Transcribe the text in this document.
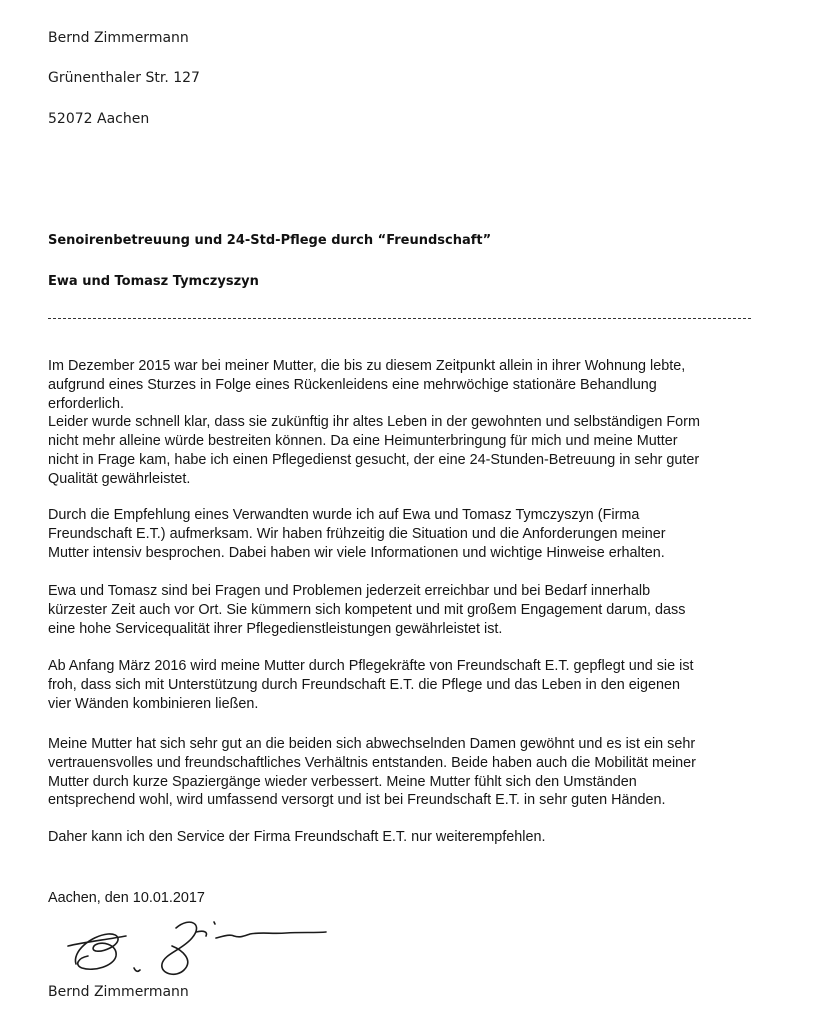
Bernd Zimmermann
Grünenthaler Str. 127
52072 Aachen
Senoirenbetreuung und 24-Std-Pflege durch “Freundschaft”
Ewa und Tomasz Tymczyszyn
Im Dezember 2015 war bei meiner Mutter, die bis zu diesem Zeitpunkt allein in ihrer Wohnung lebte,
aufgrund eines Sturzes in Folge eines Rückenleidens eine mehrwöchige stationäre Behandlung
erforderlich.
Leider wurde schnell klar, dass sie zukünftig ihr altes Leben in der gewohnten und selbständigen Form
nicht mehr alleine würde bestreiten können. Da eine Heimunterbringung für mich und meine Mutter
nicht in Frage kam, habe ich einen Pflegedienst gesucht, der eine 24-Stunden-Betreuung in sehr guter
Qualität gewährleistet.
Durch die Empfehlung eines Verwandten wurde ich auf Ewa und Tomasz Tymczyszyn (Firma
Freundschaft E.T.) aufmerksam. Wir haben frühzeitig die Situation und die Anforderungen meiner
Mutter intensiv besprochen. Dabei haben wir viele Informationen und wichtige Hinweise erhalten.
Ewa und Tomasz sind bei Fragen und Problemen jederzeit erreichbar und bei Bedarf innerhalb
kürzester Zeit auch vor Ort. Sie kümmern sich kompetent und mit großem Engagement darum, dass
eine hohe Servicequalität ihrer Pflegedienstleistungen gewährleistet ist.
Ab Anfang März 2016 wird meine Mutter durch Pflegekräfte von Freundschaft E.T. gepflegt und sie ist
froh, dass sich mit Unterstützung durch Freundschaft E.T. die Pflege und das Leben in den eigenen
vier Wänden kombinieren ließen.
Meine Mutter hat sich sehr gut an die beiden sich abwechselnden Damen gewöhnt und es ist ein sehr
vertrauensvolles und freundschaftliches Verhältnis entstanden. Beide haben auch die Mobilität meiner
Mutter durch kurze Spaziergänge wieder verbessert. Meine Mutter fühlt sich den Umständen
entsprechend wohl, wird umfassend versorgt und ist bei Freundschaft E.T. in sehr guten Händen.
Daher kann ich den Service der Firma Freundschaft E.T. nur weiterempfehlen.
Aachen, den 10.01.2017
Bernd Zimmermann
